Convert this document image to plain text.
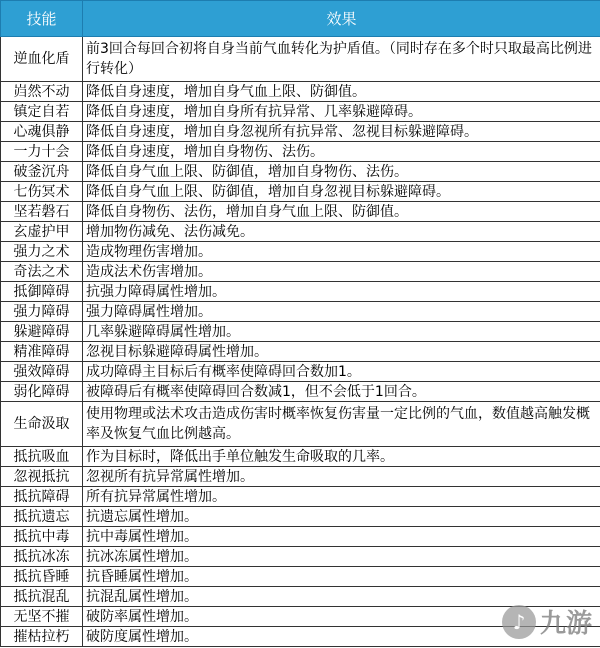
技能	效果
逆血化盾	前3回合每回合初将自身当前气血转化为护盾值。（同时存在多个时只取最高比例进行转化）
岿然不动	降低自身速度，增加自身气血上限、防御值。
镇定自若	降低自身速度，增加自身所有抗异常、几率躲避障碍。
心魂俱静	降低自身速度，增加自身忽视所有抗异常、忽视目标躲避障碍。
一力十会	降低自身速度，增加自身物伤、法伤。
破釜沉舟	降低自身气血上限、防御值，增加自身物伤、法伤。
七伤冥术	降低自身气血上限、防御值，增加自身忽视目标躲避障碍。
坚若磐石	降低自身物伤、法伤，增加自身气血上限、防御值。
玄虚护甲	增加物伤减免、法伤减免。
强力之术	造成物理伤害增加。
奇法之术	造成法术伤害增加。
抵御障碍	抗强力障碍属性增加。
强力障碍	强力障碍属性增加。
躲避障碍	几率躲避障碍属性增加。
精准障碍	忽视目标躲避障碍属性增加。
强效障碍	成功障碍主目标后有概率使障碍回合数加1。
弱化障碍	被障碍后有概率使障碍回合数减1，但不会低于1回合。
生命汲取	使用物理或法术攻击造成伤害时概率恢复伤害量一定比例的气血，数值越高触发概率及恢复气血比例越高。
抵抗吸血	作为目标时，降低出手单位触发生命吸取的几率。
忽视抵抗	忽视所有抗异常属性增加。
抵抗障碍	所有抗异常属性增加。
抵抗遗忘	抗遗忘属性增加。
抵抗中毒	抗中毒属性增加。
抵抗冰冻	抗冰冻属性增加。
抵抗昏睡	抗昏睡属性增加。
抵抗混乱	抗混乱属性增加。
无坚不摧	破防率属性增加。
摧枯拉朽	破防度属性增加。
♪ 九游
